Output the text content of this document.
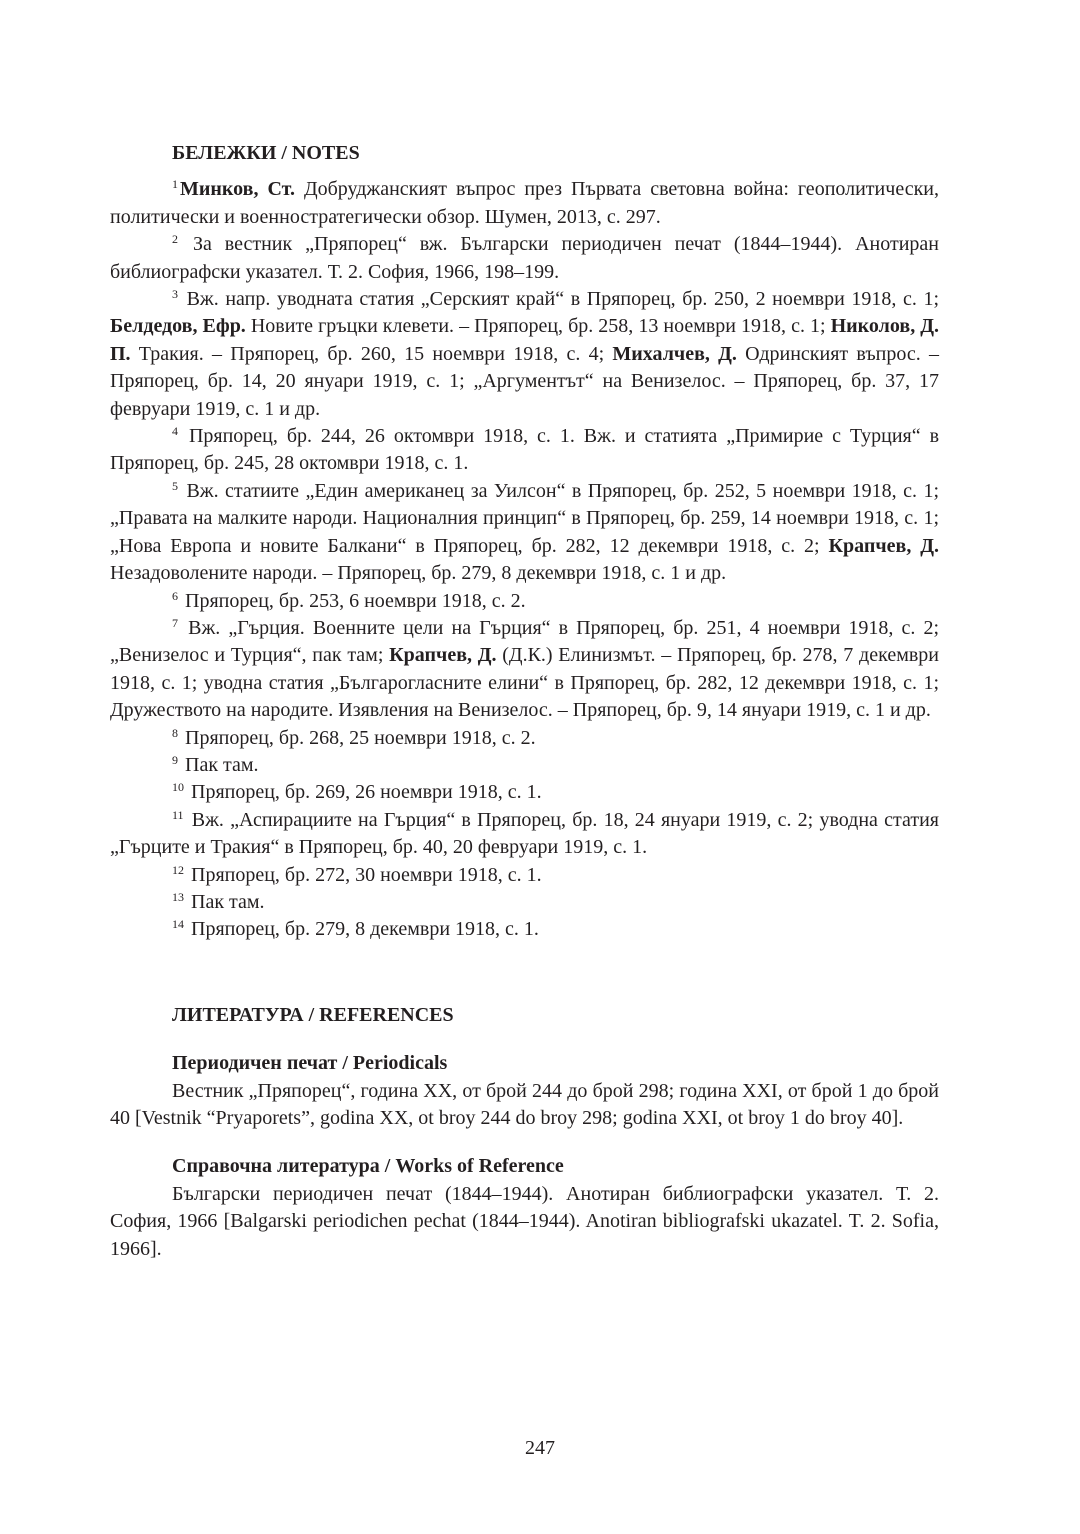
БЕЛЕЖКИ / NOTES

$^1$ Минков, Ст. Добруджанският въпрос през Първата световна война: геополитически, политически и военностратегически обзор. Шумен, 2013, с. 297.

$^2$ За вестник „Пряпорец“ вж. Български периодичен печат (1844–1944). Анотиран библиографски указател. Т. 2. София, 1966, 198–199.

$^3$ Вж. напр. уводната статия „Серският край“ в Пряпорец, бр. 250, 2 ноември 1918, с. 1; Белдедов, Ефр. Новите гръцки клевети. – Пряпорец, бр. 258, 13 ноември 1918, с. 1; Николов, Д. П. Тракия. – Пряпорец, бр. 260, 15 ноември 1918, с. 4; Михалчев, Д. Одринският въпрос. – Пряпорец, бр. 14, 20 януари 1919, с. 1; „Аргументът“ на Венизелос. – Пряпорец, бр. 37, 17 февруари 1919, с. 1 и др.

$^4$ Пряпорец, бр. 244, 26 октомври 1918, с. 1. Вж. и статията „Примирие с Турция“ в Пряпорец, бр. 245, 28 октомври 1918, с. 1.

$^5$ Вж. статиите „Един американец за Уилсон“ в Пряпорец, бр. 252, 5 ноември 1918, с. 1; „Правата на малките народи. Националния принцип“ в Пряпорец, бр. 259, 14 ноември 1918, с. 1; „Нова Европа и новите Балкани“ в Пряпорец, бр. 282, 12 декември 1918, с. 2; Крапчев, Д. Незадоволените народи. – Пряпорец, бр. 279, 8 декември 1918, с. 1 и др.

$^6$ Пряпорец, бр. 253, 6 ноември 1918, с. 2.

$^7$ Вж. „Гърция. Военните цели на Гърция“ в Пряпорец, бр. 251, 4 ноември 1918, с. 2; „Венизелос и Турция“, пак там; Крапчев, Д. (Д.К.) Елинизмът. – Пряпорец, бр. 278, 7 декември 1918, с. 1; уводна статия „Българогласните елини“ в Пряпорец, бр. 282, 12 декември 1918, с. 1; Дружеството на народите. Изявления на Венизелос. – Пряпорец, бр. 9, 14 януари 1919, с. 1 и др.

$^8$ Пряпорец, бр. 268, 25 ноември 1918, с. 2.

$^9$ Пак там.

$^{10}$ Пряпорец, бр. 269, 26 ноември 1918, с. 1.

$^{11}$ Вж. „Аспирациите на Гърция“ в Пряпорец, бр. 18, 24 януари 1919, с. 2; уводна статия „Гърците и Тракия“ в Пряпорец, бр. 40, 20 февруари 1919, с. 1.

$^{12}$ Пряпорец, бр. 272, 30 ноември 1918, с. 1.

$^{13}$ Пак там.

$^{14}$ Пряпорец, бр. 279, 8 декември 1918, с. 1.

ЛИТЕРАТУРА / REFERENCES

Периодичен печат / Periodicals

Вестник „Пряпорец“, година ХХ, от брой 244 до брой 298; година ХХІ, от брой 1 до брой 40 [Vestnik “Pryaporets”, godina ХХ, ot broy 244 do broy 298; godina ХХІ, ot broy 1 do broy 40].

Справочна литература / Works of Reference

Български периодичен печат (1844–1944). Анотиран библиографски указател. Т. 2. София, 1966 [Balgarski periodichen pechat (1844–1944). Anotiran bibliografski ukazatel. T. 2. Sofia, 1966].

247
